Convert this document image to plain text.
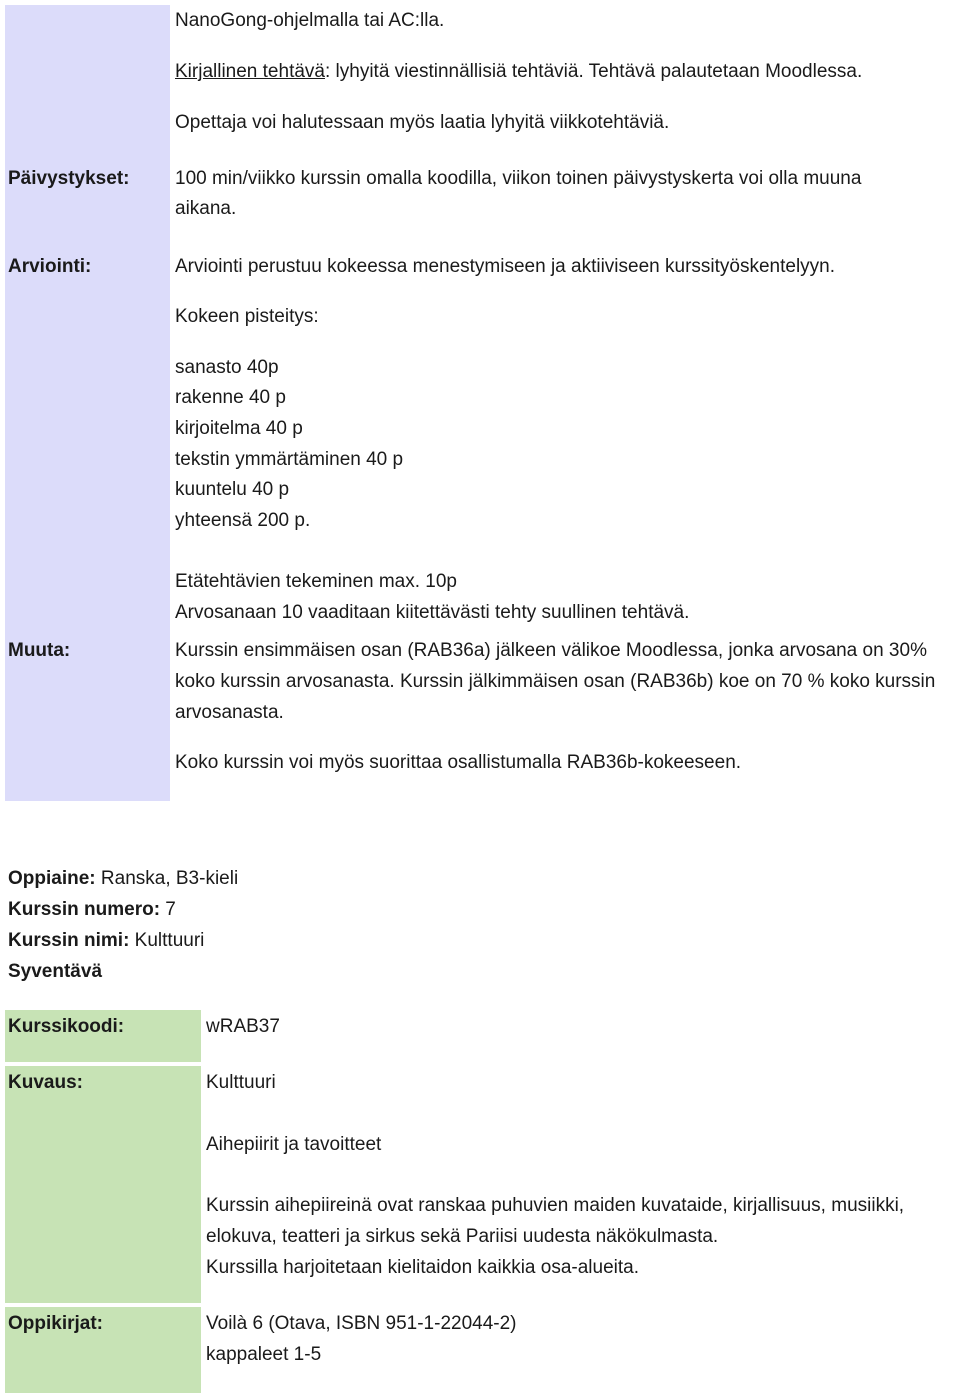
NanoGong-ohjelmalla tai AC:lla.
Kirjallinen tehtävä: lyhyitä viestinnällisiä tehtäviä. Tehtävä palautetaan Moodlessa.
Opettaja voi halutessaan myös laatia lyhyitä viikkotehtäviä.
Päivystykset: 100 min/viikko kurssin omalla koodilla, viikon toinen päivystyskerta voi olla muuna
aikana.
Arviointi:	Arviointi perustuu kokeessa menestymiseen ja aktiiviseen kurssityöskentelyyn.
Kokeen pisteitys:
sanasto 40p
rakenne 40 p
kirjoitelma 40 p
tekstin ymmärtäminen 40 p
kuuntelu 40 p
yhteensä 200 p.
Etätehtävien tekeminen max. 10p
Arvosanaan 10 vaaditaan kiitettävästi tehty suullinen tehtävä.
Muuta:	Kurssin ensimmäisen osan (RAB36a) jälkeen välikoe Moodlessa, jonka arvosana on 30%
koko kurssin arvosanasta. Kurssin jälkimmäisen osan (RAB36b) koe on 70 % koko kurssin
arvosanasta.
Koko kurssin voi myös suorittaa osallistumalla RAB36b-kokeeseen.
Oppiaine: Ranska, B3-kieli
Kurssin numero: 7
Kurssin nimi: Kulttuuri
Syventävä
Kurssikoodi:	wRAB37
Kuvaus:	Kulttuuri
Aihepiirit ja tavoitteet
Kurssin aihepiireinä ovat ranskaa puhuvien maiden kuvataide, kirjallisuus, musiikki,
elokuva, teatteri ja sirkus sekä Pariisi uudesta näkökulmasta.
Kurssilla harjoitetaan kielitaidon kaikkia osa-alueita.
Oppikirjat:	Voilà 6 (Otava, ISBN 951-1-22044-2)
kappaleet 1-5
